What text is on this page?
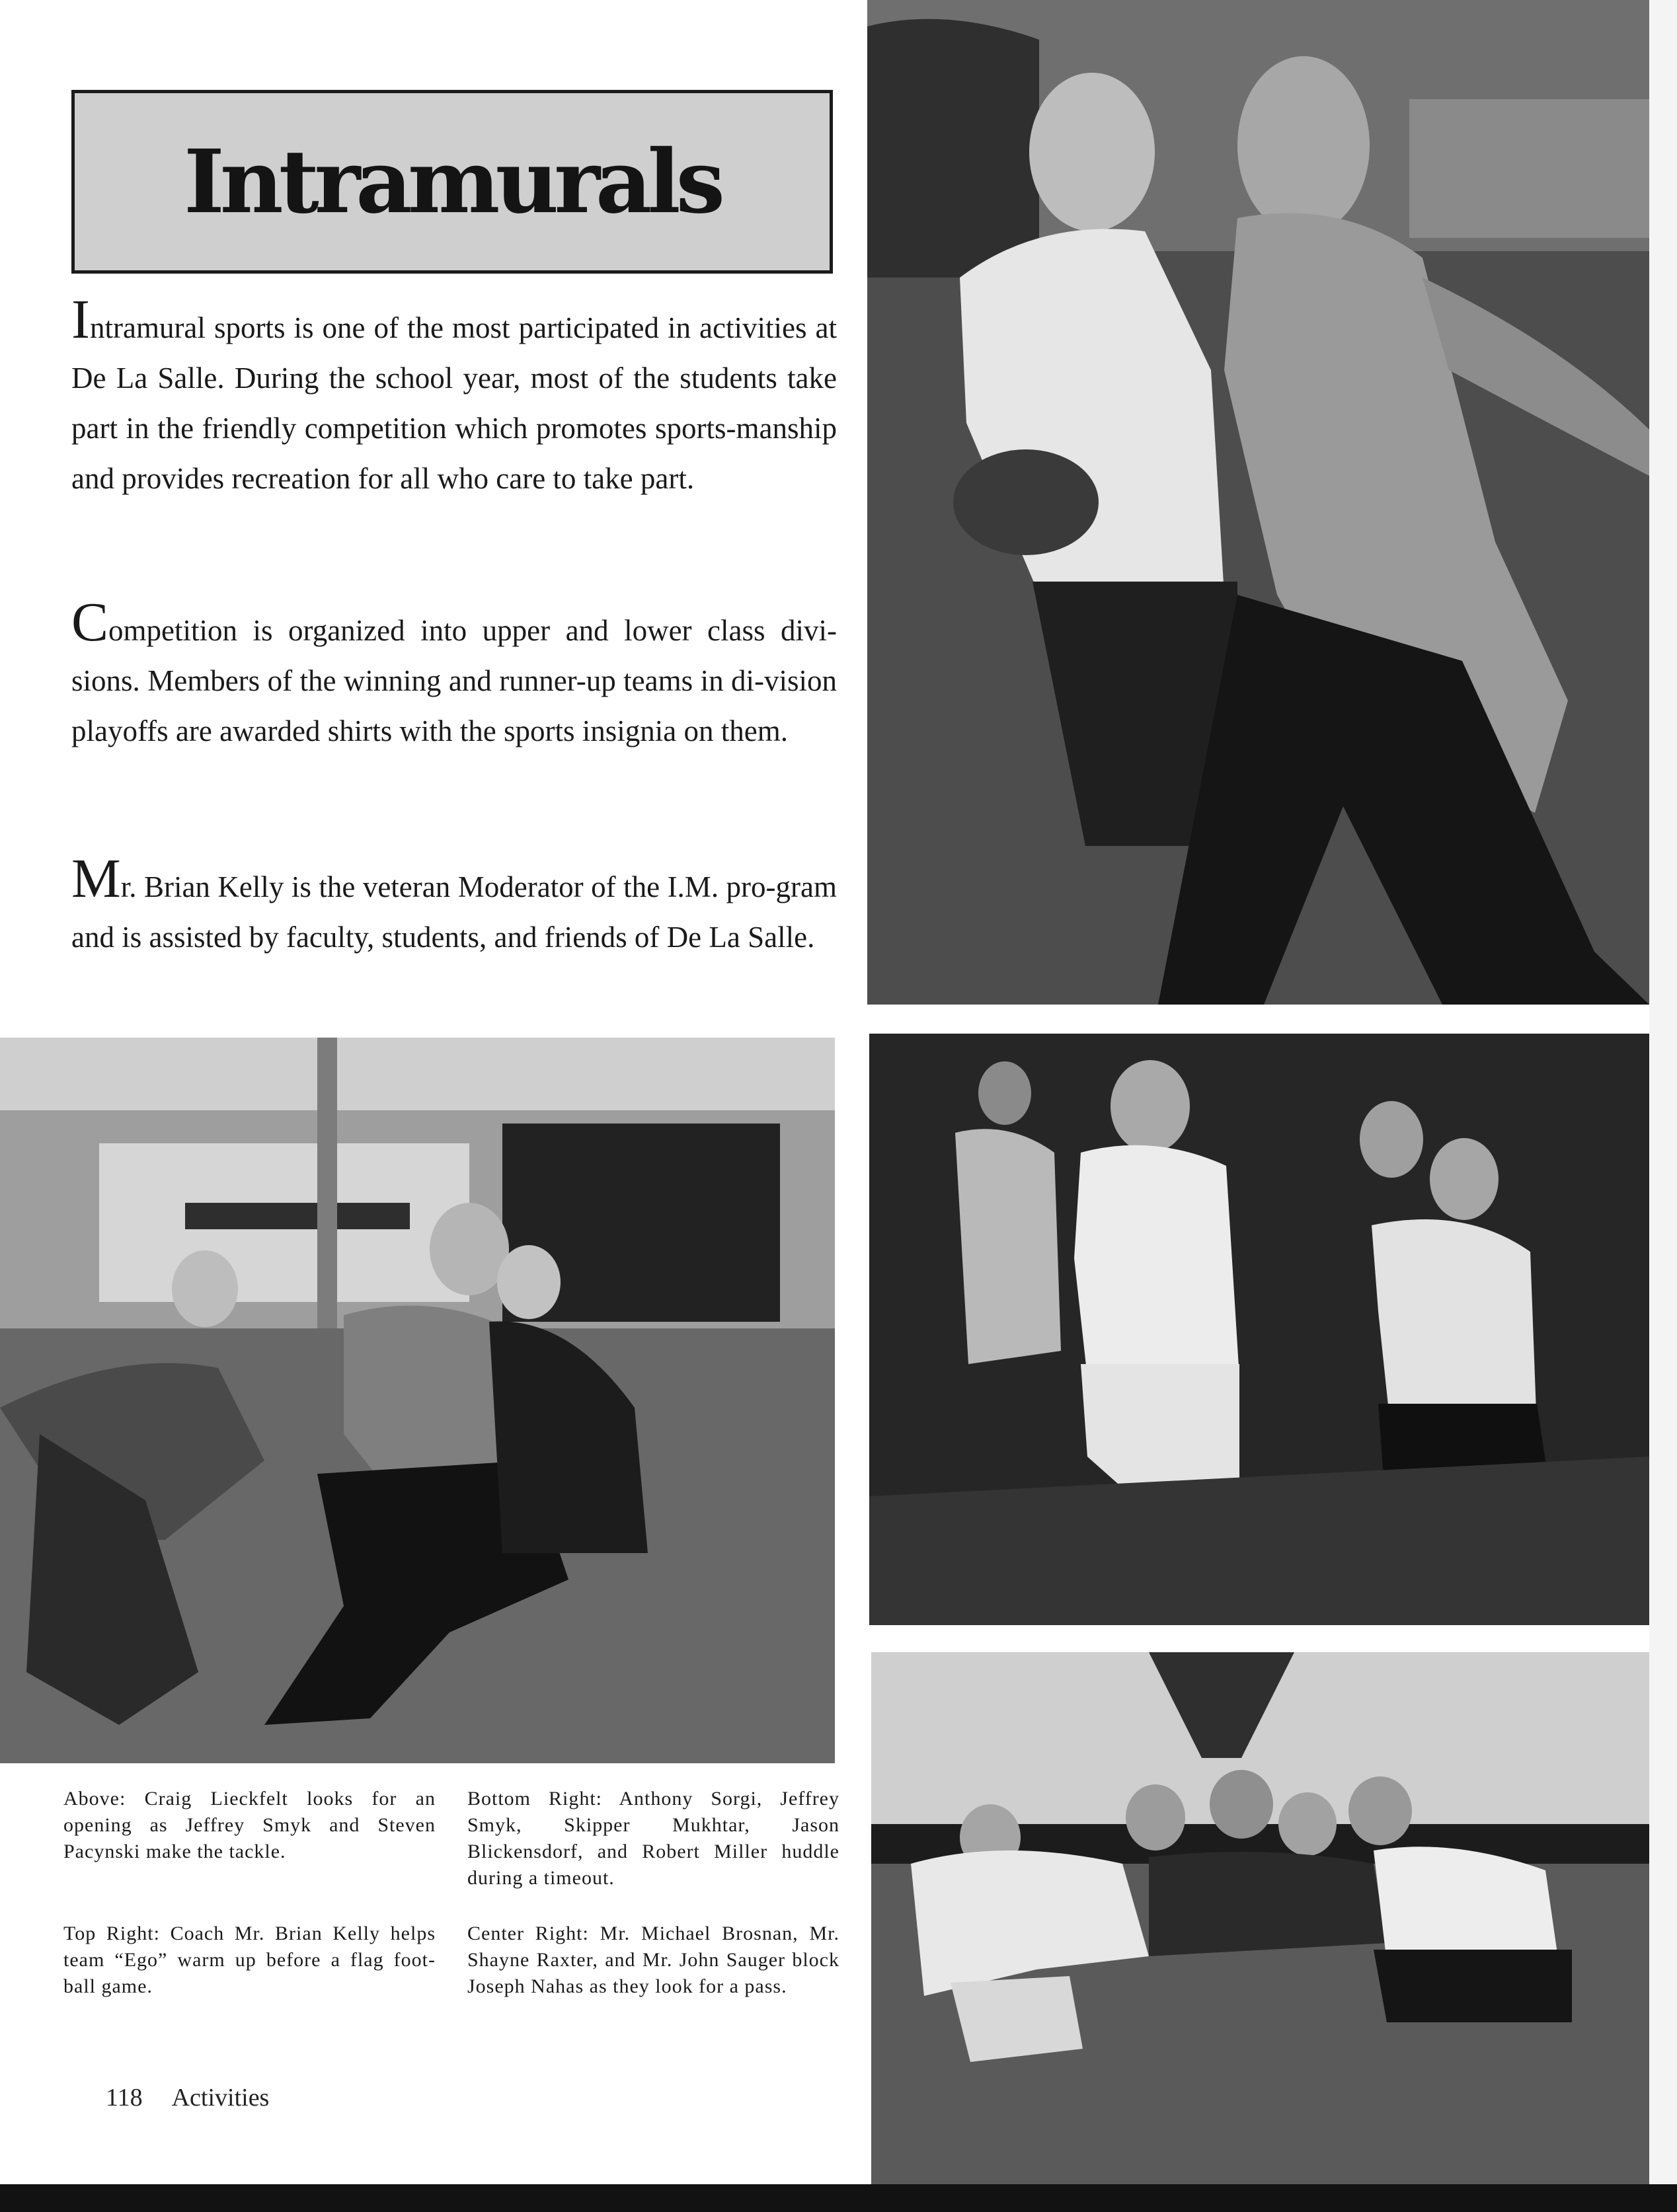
Intramurals

Intramural sports is one of the most participated in activities at De La Salle. During the school year, most of the students take part in the friendly competition which promotes sports-manship and provides recreation for all who care to take part.

Competition is organized into upper and lower class divi-sions. Members of the winning and runner-up teams in di-vision playoffs are awarded shirts with the sports insignia on them.

Mr. Brian Kelly is the veteran Moderator of the I.M. pro-gram and is assisted by faculty, students, and friends of De La Salle.

Above: Craig Lieckfelt looks for an opening as Jeffrey Smyk and Steven Pacynski make the tackle.

Bottom Right: Anthony Sorgi, Jeffrey Smyk, Skipper Mukhtar, Jason Blickensdorf, and Robert Miller huddle during a timeout.

Top Right: Coach Mr. Brian Kelly helps team “Ego” warm up before a flag foot-ball game.

Center Right: Mr. Michael Brosnan, Mr. Shayne Raxter, and Mr. John Sauger block Joseph Nahas as they look for a pass.

118 Activities
